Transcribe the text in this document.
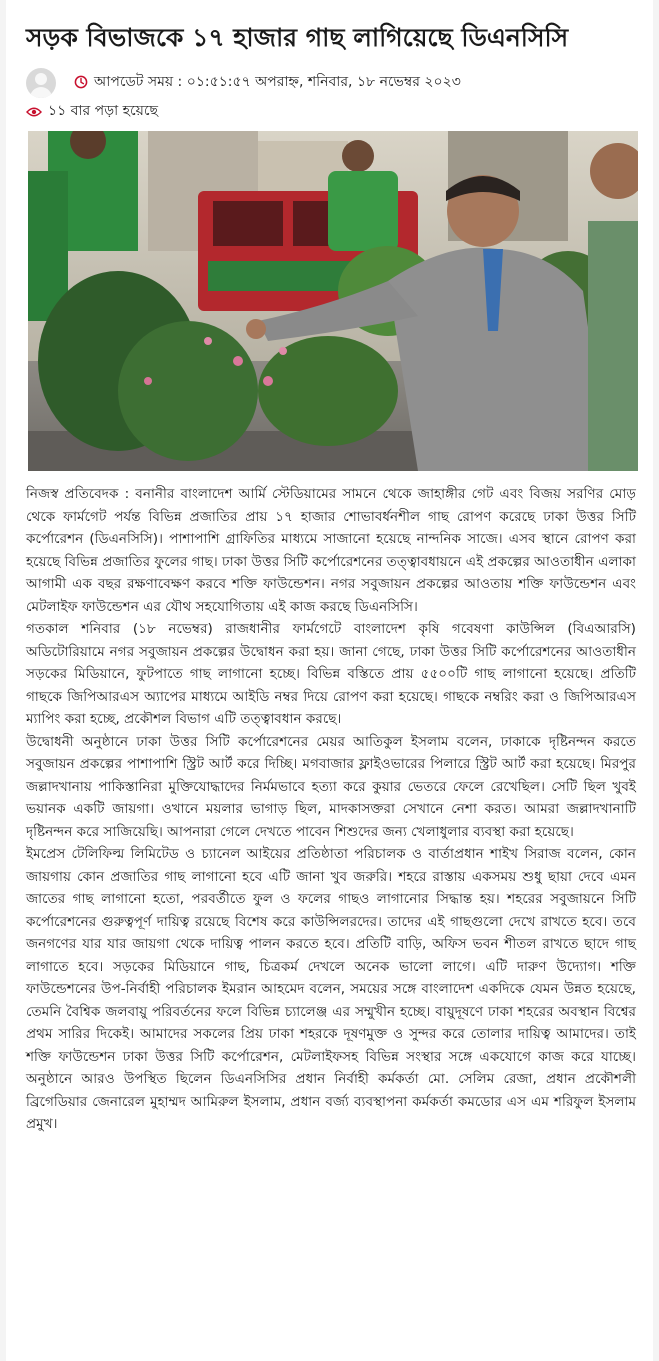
সড়ক বিভাজকে ১৭ হাজার গাছ লাগিয়েছে ডিএনসিসি
আপডেট সময় : ০১:৫১:৫৭ অপরাহ্ন, শনিবার, ১৮ নভেম্বর ২০২৩
১১ বার পড়া হয়েছে

নিজস্ব প্রতিবেদক : বনানীর বাংলাদেশ আর্মি স্টেডিয়ামের সামনে থেকে জাহাঙ্গীর গেট এবং বিজয় সরণির মোড় থেকে ফার্মগেট পর্যন্ত বিভিন্ন প্রজাতির প্রায় ১৭ হাজার শোভাবর্ধনশীল গাছ রোপণ করেছে ঢাকা উত্তর সিটি কর্পোরেশন (ডিএনসিসি)। পাশাপাশি গ্রাফিতির মাধ্যমে সাজানো হয়েছে নান্দনিক সাজে। এসব স্থানে রোপণ করা হয়েছে বিভিন্ন প্রজাতির ফুলের গাছ। ঢাকা উত্তর সিটি কর্পোরেশনের তত্ত্বাবধায়নে এই প্রকল্পের আওতাধীন এলাকা আগামী এক বছর রক্ষণাবেক্ষণ করবে শক্তি ফাউন্ডেশন। নগর সবুজায়ন প্রকল্পের আওতায় শক্তি ফাউন্ডেশন এবং মেটলাইফ ফাউন্ডেশন এর যৌথ সহযোগিতায় এই কাজ করছে ডিএনসিসি।

গতকাল শনিবার (১৮ নভেম্বর) রাজধানীর ফার্মগেটে বাংলাদেশ কৃষি গবেষণা কাউন্সিল (বিএআরসি) অডিটোরিয়ামে নগর সবুজায়ন প্রকল্পের উদ্বোধন করা হয়। জানা গেছে, ঢাকা উত্তর সিটি কর্পোরেশনের আওতাধীন সড়কের মিডিয়ানে, ফুটপাতে গাছ লাগানো হচ্ছে। বিভিন্ন বস্তিতে প্রায় ৫৫০০টি গাছ লাগানো হয়েছে। প্রতিটি গাছকে জিপিআরএস অ্যাপের মাধ্যমে আইডি নম্বর দিয়ে রোপণ করা হয়েছে। গাছকে নম্বরিং করা ও জিপিআরএস ম্যাপিং করা হচ্ছে, প্রকৌশল বিভাগ এটি তত্ত্বাবধান করছে।

উদ্বোধনী অনুষ্ঠানে ঢাকা উত্তর সিটি কর্পোরেশনের মেয়র আতিকুল ইসলাম বলেন, ঢাকাকে দৃষ্টিনন্দন করতে সবুজায়ন প্রকল্পের পাশাপাশি স্ট্রিট আর্ট করে দিচ্ছি। মগবাজার ফ্লাইওভারের পিলারে স্ট্রিট আর্ট করা হয়েছে। মিরপুর জল্লাদখানায় পাকিস্তানিরা মুক্তিযোদ্ধাদের নির্মমভাবে হত্যা করে কুয়ার ভেতরে ফেলে রেখেছিল। সেটি ছিল খুবই ভয়ানক একটি জায়গা। ওখানে ময়লার ভাগাড় ছিল, মাদকাসক্তরা সেখানে নেশা করত। আমরা জল্লাদখানাটি দৃষ্টিনন্দন করে সাজিয়েছি। আপনারা গেলে দেখতে পাবেন শিশুদের জন্য খেলাধুলার ব্যবস্থা করা হয়েছে।

ইমপ্রেস টেলিফিল্ম লিমিটেড ও চ্যানেল আইয়ের প্রতিষ্ঠাতা পরিচালক ও বার্তাপ্রধান শাইখ সিরাজ বলেন, কোন জায়গায় কোন প্রজাতির গাছ লাগানো হবে এটি জানা খুব জরুরি। শহরে রাস্তায় একসময় শুধু ছায়া দেবে এমন জাতের গাছ লাগানো হতো, পরবর্তীতে ফুল ও ফলের গাছও লাগানোর সিদ্ধান্ত হয়। শহরের সবুজায়নে সিটি কর্পোরেশনের গুরুত্বপূর্ণ দায়িত্ব রয়েছে বিশেষ করে কাউন্সিলরদের। তাদের এই গাছগুলো দেখে রাখতে হবে। তবে জনগণের যার যার জায়গা থেকে দায়িত্ব পালন করতে হবে। প্রতিটি বাড়ি, অফিস ভবন শীতল রাখতে ছাদে গাছ লাগাতে হবে। সড়কের মিডিয়ানে গাছ, চিত্রকর্ম দেখলে অনেক ভালো লাগে। এটি দারুণ উদ্যোগ। শক্তি ফাউন্ডেশনের উপ-নির্বাহী পরিচালক ইমরান আহমেদ বলেন, সময়ের সঙ্গে বাংলাদেশ একদিকে যেমন উন্নত হয়েছে, তেমনি বৈশ্বিক জলবায়ু পরিবর্তনের ফলে বিভিন্ন চ্যালেঞ্জ এর সম্মুখীন হচ্ছে। বায়ুদূষণে ঢাকা শহরের অবস্থান বিশ্বের প্রথম সারির দিকেই। আমাদের সকলের প্রিয় ঢাকা শহরকে দূষণমুক্ত ও সুন্দর করে তোলার দায়িত্ব আমাদের। তাই শক্তি ফাউন্ডেশন ঢাকা উত্তর সিটি কর্পোরেশন, মেটলাইফসহ বিভিন্ন সংস্থার সঙ্গে একযোগে কাজ করে যাচ্ছে। অনুষ্ঠানে আরও উপস্থিত ছিলেন ডিএনসিসির প্রধান নির্বাহী কর্মকর্তা মো. সেলিম রেজা, প্রধান প্রকৌশলী ব্রিগেডিয়ার জেনারেল মুহাম্মদ আমিরুল ইসলাম, প্রধান বর্জ্য ব্যবস্থাপনা কর্মকর্তা কমডোর এস এম শরিফুল ইসলাম প্রমুখ।
